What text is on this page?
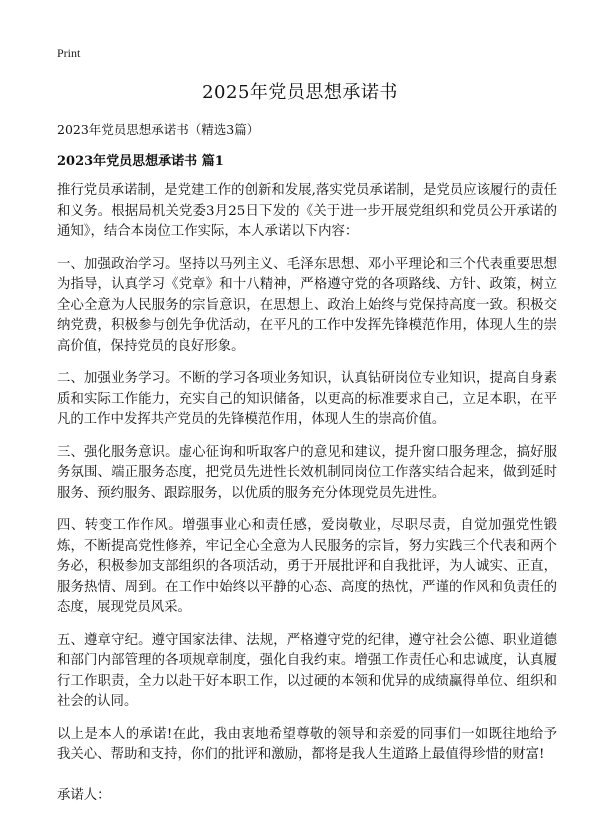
Print
2025年党员思想承诺书

2023年党员思想承诺书（精选3篇）

2023年党员思想承诺书 篇1

推行党员承诺制，是党建工作的创新和发展,落实党员承诺制，是党员应该履行的责任和义务。根据局机关党委3月25日下发的《关于进一步开展党组织和党员公开承诺的通知》，结合本岗位工作实际，本人承诺以下内容：

一、加强政治学习。坚持以马列主义、毛泽东思想、邓小平理论和三个代表重要思想为指导，认真学习《党章》和十八精神，严格遵守党的各项路线、方针、政策，树立全心全意为人民服务的宗旨意识，在思想上、政治上始终与党保持高度一致。积极交纳党费，积极参与创先争优活动，在平凡的工作中发挥先锋模范作用，体现人生的崇高价值，保持党员的良好形象。

二、加强业务学习。不断的学习各项业务知识，认真钻研岗位专业知识，提高自身素质和实际工作能力，充实自己的知识储备，以更高的标准要求自己，立足本职，在平凡的工作中发挥共产党员的先锋模范作用，体现人生的崇高价值。

三、强化服务意识。虚心征询和听取客户的意见和建议，提升窗口服务理念，搞好服务氛围、端正服务态度，把党员先进性长效机制同岗位工作落实结合起来，做到延时服务、预约服务、跟踪服务，以优质的服务充分体现党员先进性。

四、转变工作作风。增强事业心和责任感，爱岗敬业，尽职尽责，自觉加强党性锻炼，不断提高党性修养，牢记全心全意为人民服务的宗旨，努力实践三个代表和两个务必，积极参加支部组织的各项活动，勇于开展批评和自我批评，为人诚实、正直，服务热情、周到。在工作中始终以平静的心态、高度的热忱，严谨的作风和负责任的态度，展现党员风采。

五、遵章守纪。遵守国家法律、法规，严格遵守党的纪律，遵守社会公德、职业道德和部门内部管理的各项规章制度，强化自我约束。增强工作责任心和忠诚度，认真履行工作职责，全力以赴干好本职工作，以过硬的本领和优异的成绩赢得单位、组织和社会的认同。

以上是本人的承诺!在此，我由衷地希望尊敬的领导和亲爱的同事们一如既往地给予我关心、帮助和支持，你们的批评和激励，都将是我人生道路上最值得珍惜的财富!

承诺人：
